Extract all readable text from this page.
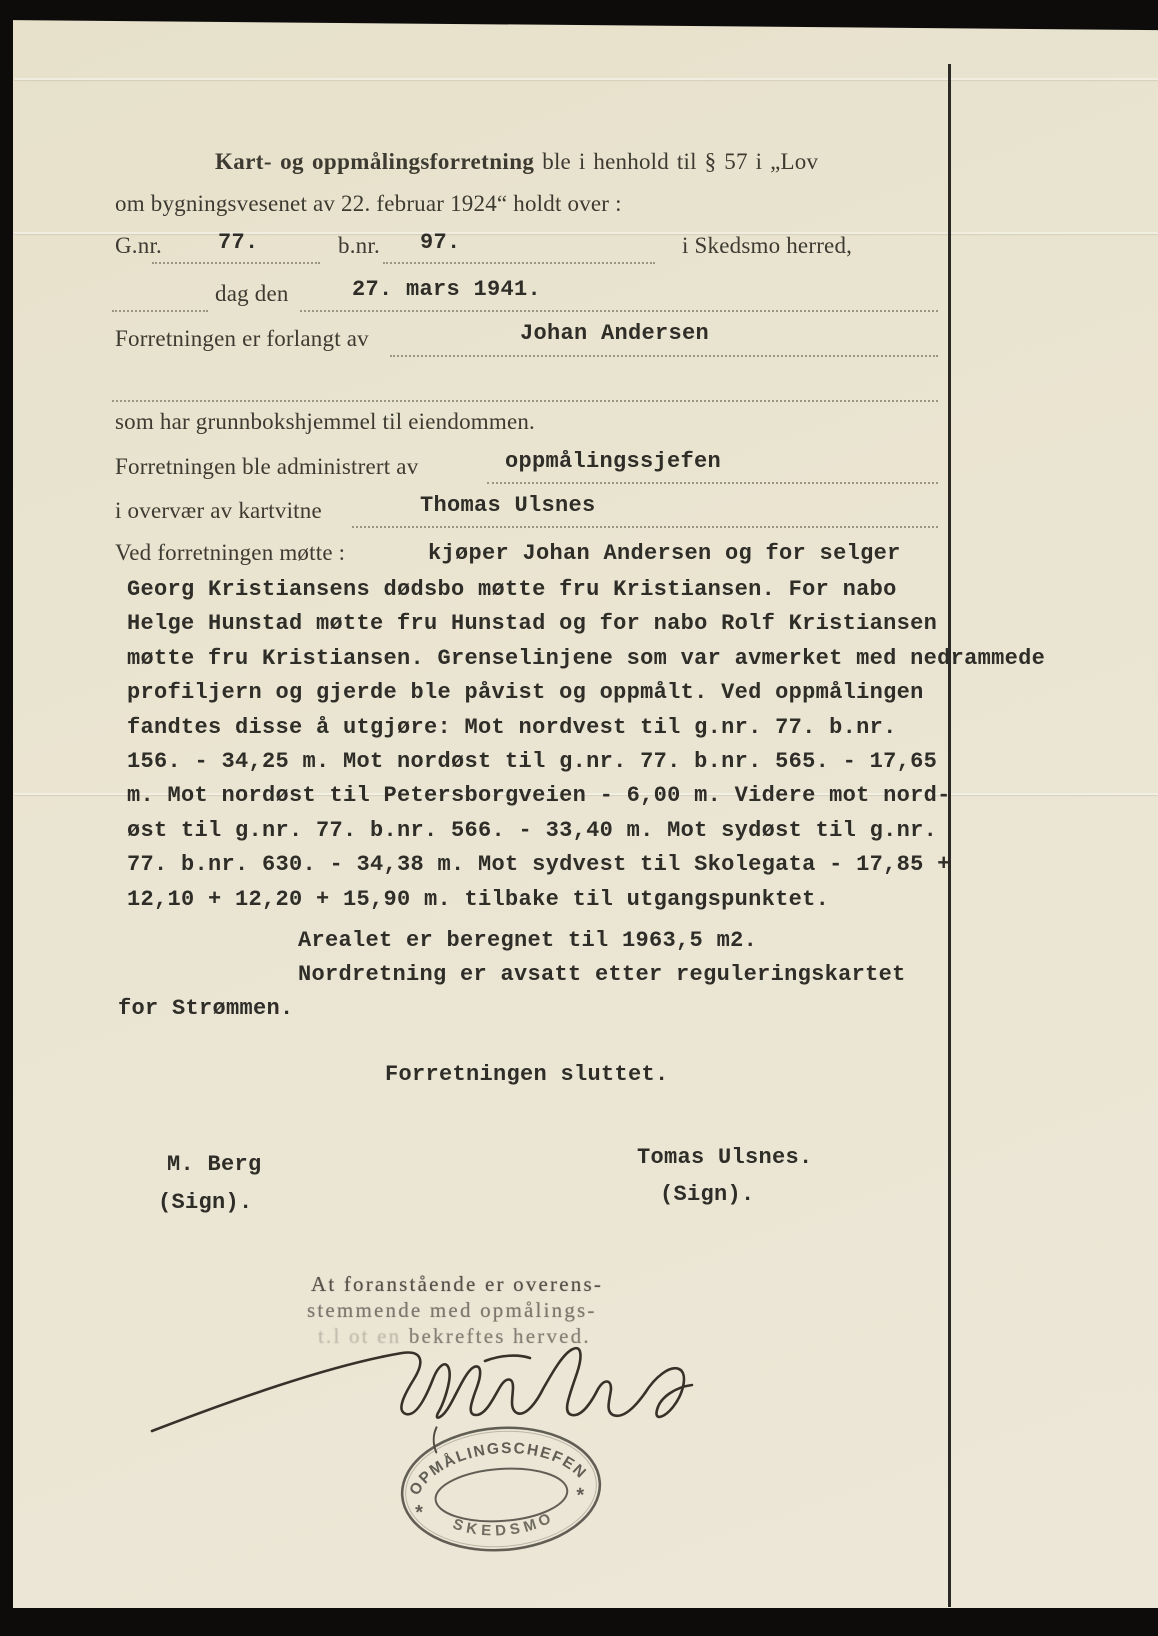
Kart- og oppmålingsforretning ble i henhold til § 57 i „Lov
om bygningsvesenet av 22. februar 1924“ holdt over :
G.nr.	77.	b.nr. 97.	i Skedsmo herred,
dag den	27. mars 1941.
Forretningen er forlangt av	Johan Andersen
som har grunnbokshjemmel til eiendommen.
Forretningen ble administrert av	oppmålingssjefen
i overvær av kartvitne	Thomas Ulsnes
Ved forretningen møtte :	kjøper Johan Andersen og for selger
Georg Kristiansens dødsbo møtte fru Kristiansen. For nabo
Helge Hunstad møtte fru Hunstad og for nabo Rolf Kristiansen
møtte fru Kristiansen. Grenselinjene som var avmerket med nedrammede
profiljern og gjerde ble påvist og oppmålt. Ved oppmålingen
fandtes disse å utgjøre: Mot nordvest til g.nr. 77. b.nr.
156. - 34,25 m. Mot nordøst til g.nr. 77. b.nr. 565. - 17,65
m. Mot nordøst til Petersborgveien - 6,00 m. Videre mot nord-
øst til g.nr. 77. b.nr. 566. - 33,40 m. Mot sydøst til g.nr.
77. b.nr. 630. - 34,38 m. Mot sydvest til Skolegata - 17,85 +
12,10 + 12,20 + 15,90 m. tilbake til utgangspunktet.
Arealet er beregnet til 1963,5 m2.
Nordretning er avsatt etter reguleringskartet
for Strømmen.
Forretningen sluttet.
M. Berg
(Sign).
Tomas Ulsnes.
(Sign).
At foranstående er overens-
stemmende med opmålings-
t.l ot en bekreftes herved.
OPMÅLINGSCHEFEN
SKEDSMO
*
*
